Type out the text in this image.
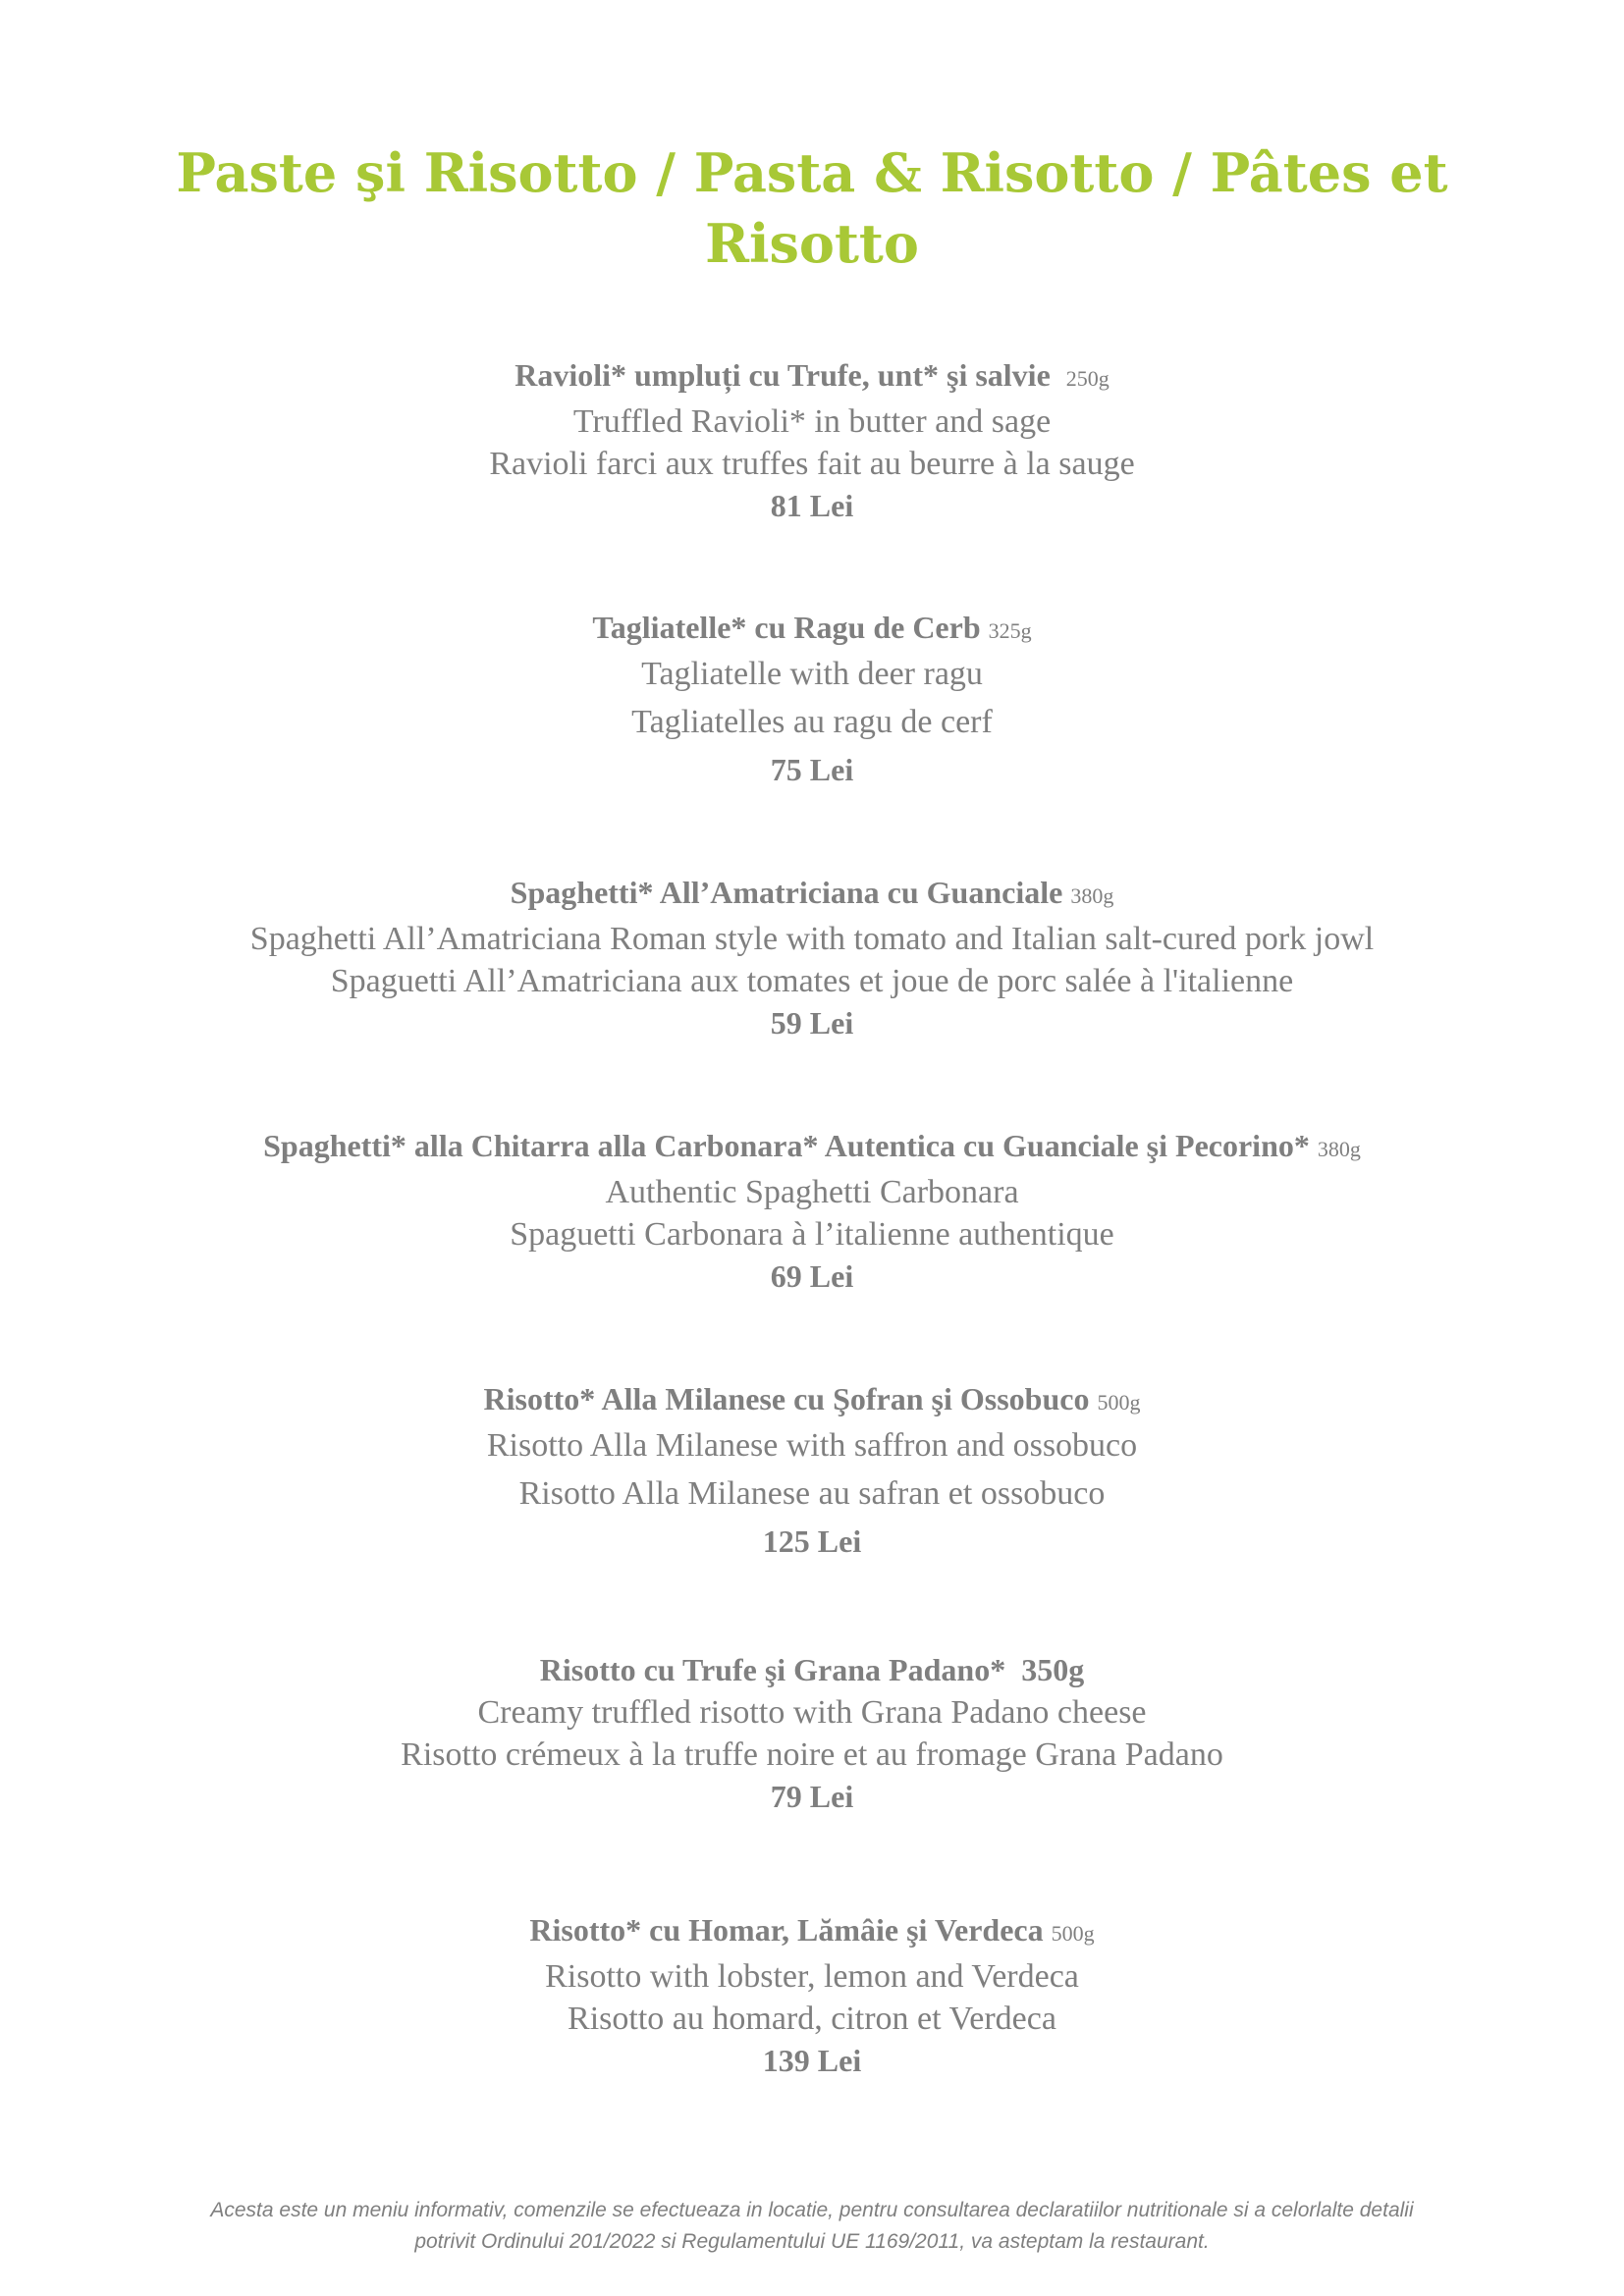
Paste şi Risotto / Pasta & Risotto / Pâtes et Risotto
Ravioli* umpluți cu Trufe, unt* şi salvie 250g
Truffled Ravioli* in butter and sage
Ravioli farci aux truffes fait au beurre à la sauge
81 Lei
Tagliatelle* cu Ragu de Cerb 325g
Tagliatelle with deer ragu
Tagliatelles au ragu de cerf
75 Lei
Spaghetti* All’Amatriciana cu Guanciale 380g
Spaghetti All’Amatriciana Roman style with tomato and Italian salt-cured pork jowl
Spaguetti All’Amatriciana aux tomates et joue de porc salée à l'italienne
59 Lei
Spaghetti* alla Chitarra alla Carbonara* Autentica cu Guanciale şi Pecorino* 380g
Authentic Spaghetti Carbonara
Spaguetti Carbonara à l’italienne authentique
69 Lei
Risotto* Alla Milanese cu Şofran şi Ossobuco 500g
Risotto Alla Milanese with saffron and ossobuco
Risotto Alla Milanese au safran et ossobuco
125 Lei
Risotto cu Trufe şi Grana Padano* 350g
Creamy truffled risotto with Grana Padano cheese
Risotto crémeux à la truffe noire et au fromage Grana Padano
79 Lei
Risotto* cu Homar, Lămâie şi Verdeca 500g
Risotto with lobster, lemon and Verdeca
Risotto au homard, citron et Verdeca
139 Lei
Acesta este un meniu informativ, comenzile se efectueaza in locatie, pentru consultarea declaratiilor nutritionale si a celorlalte detalii
potrivit Ordinului 201/2022 si Regulamentului UE 1169/2011, va asteptam la restaurant.
